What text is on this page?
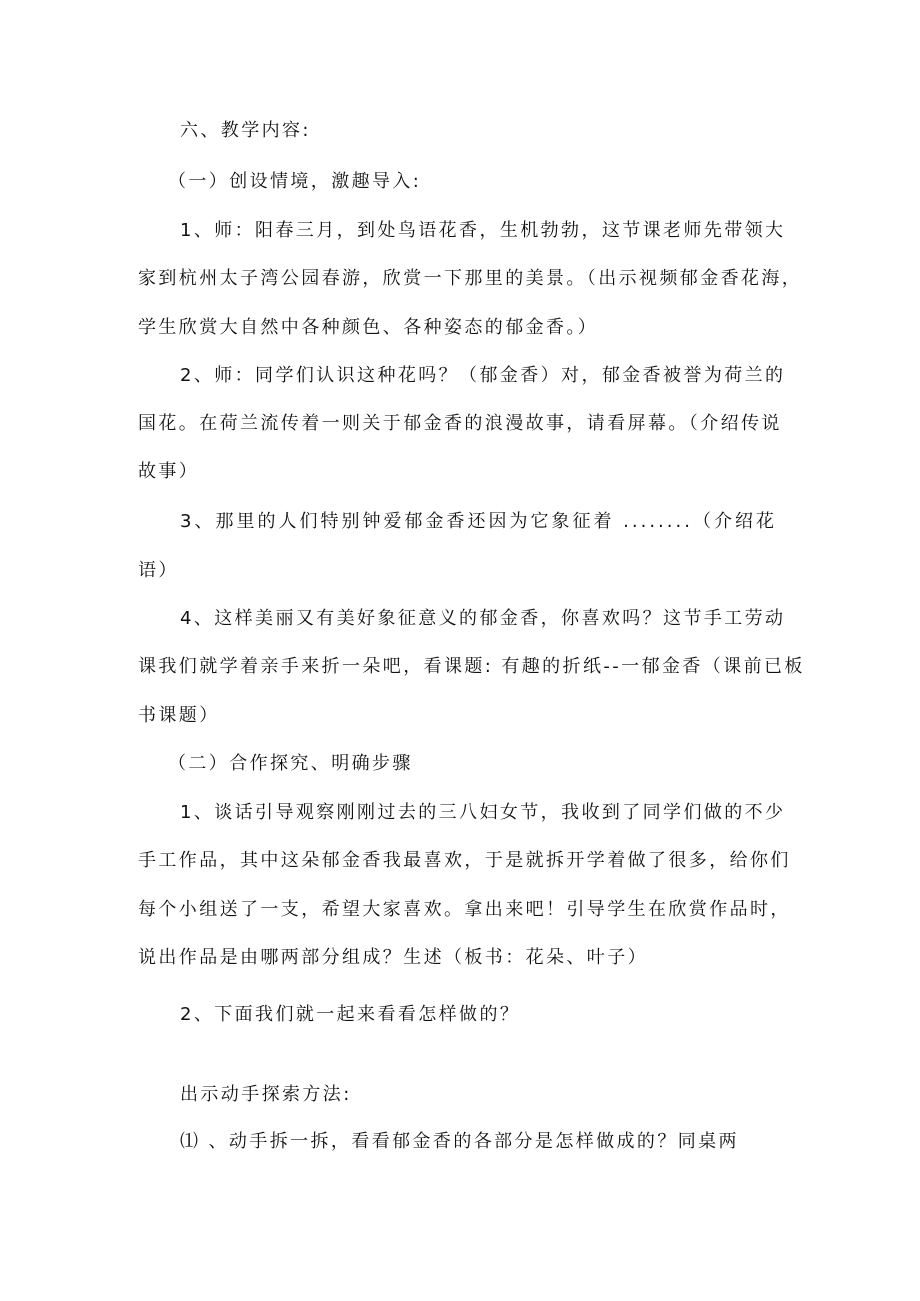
六、教学内容:

（一）创设情境，激趣导入:

1、师：阳春三月，到处鸟语花香，生机勃勃，这节课老师先带领大

家到杭州太子湾公园春游，欣赏一下那里的美景。（出示视频郁金香花海，

学生欣赏大自然中各种颜色、各种姿态的郁金香。）

2、师：同学们认识这种花吗？（郁金香）对，郁金香被誉为荷兰的

国花。在荷兰流传着一则关于郁金香的浪漫故事，请看屏幕。（介绍传说

故事）

3、那里的人们特别钟爱郁金香还因为它象征着 ........（介绍花

语）

4、这样美丽又有美好象征意义的郁金香，你喜欢吗？这节手工劳动

课我们就学着亲手来折一朵吧，看课题: 有趣的折纸--一郁金香（课前已板

书课题）

（二）合作探究、明确步骤

1、谈话引导观察刚刚过去的三八妇女节，我收到了同学们做的不少

手工作品，其中这朵郁金香我最喜欢，于是就拆开学着做了很多，给你们

每个小组送了一支，希望大家喜欢。拿出来吧！引导学生在欣赏作品时，

说出作品是由哪两部分组成？生述（板书：花朵、叶子）

2、下面我们就一起来看看怎样做的？

出示动手探索方法:

⑴ 、动手拆一拆，看看郁金香的各部分是怎样做成的？同桌两
